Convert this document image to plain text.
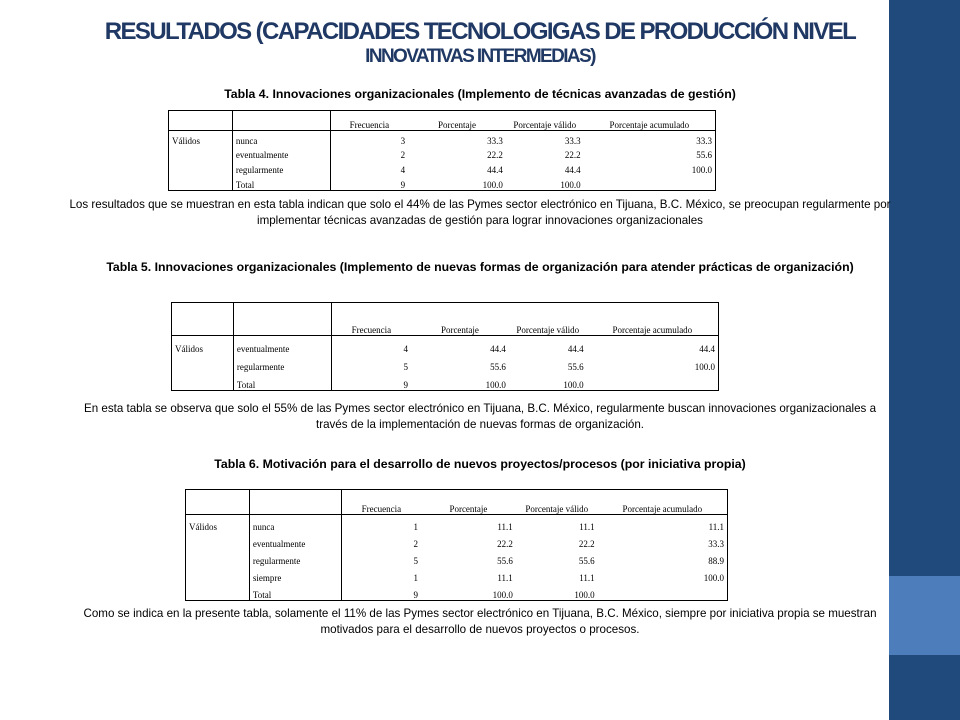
RESULTADOS (CAPACIDADES TECNOLOGIGAS DE PRODUCCIÓN NIVEL
INNOVATIVAS INTERMEDIAS)
Tabla 4. Innovaciones organizacionales (Implemento de técnicas avanzadas de gestión)
		Frecuencia	Porcentaje	Porcentaje válido	Porcentaje acumulado
Válidos	nunca	3	33.3	33.3	33.3
	eventualmente	2	22.2	22.2	55.6
	regularmente	4	44.4	44.4	100.0
	Total	9	100.0	100.0	
Los resultados que se muestran en esta tabla indican que solo el 44% de las Pymes sector electrónico en Tijuana, B.C. México, se preocupan regularmente por implementar técnicas avanzadas de gestión para lograr innovaciones organizacionales
Tabla 5. Innovaciones organizacionales (Implemento de nuevas formas de organización para atender prácticas de organización)
		Frecuencia	Porcentaje	Porcentaje válido	Porcentaje acumulado
Válidos	eventualmente	4	44.4	44.4	44.4
	regularmente	5	55.6	55.6	100.0
	Total	9	100.0	100.0	
En esta tabla se observa que solo el 55% de las Pymes sector electrónico en Tijuana, B.C. México, regularmente buscan innovaciones organizacionales a través de la implementación de nuevas formas de organización.
Tabla 6. Motivación para el desarrollo de nuevos proyectos/procesos (por iniciativa propia)
		Frecuencia	Porcentaje	Porcentaje válido	Porcentaje acumulado
Válidos	nunca	1	11.1	11.1	11.1
	eventualmente	2	22.2	22.2	33.3
	regularmente	5	55.6	55.6	88.9
	siempre	1	11.1	11.1	100.0
	Total	9	100.0	100.0	
Como se indica en la presente tabla, solamente el 11% de las Pymes sector electrónico en Tijuana, B.C. México, siempre por iniciativa propia se muestran motivados para el desarrollo de nuevos proyectos o procesos.
